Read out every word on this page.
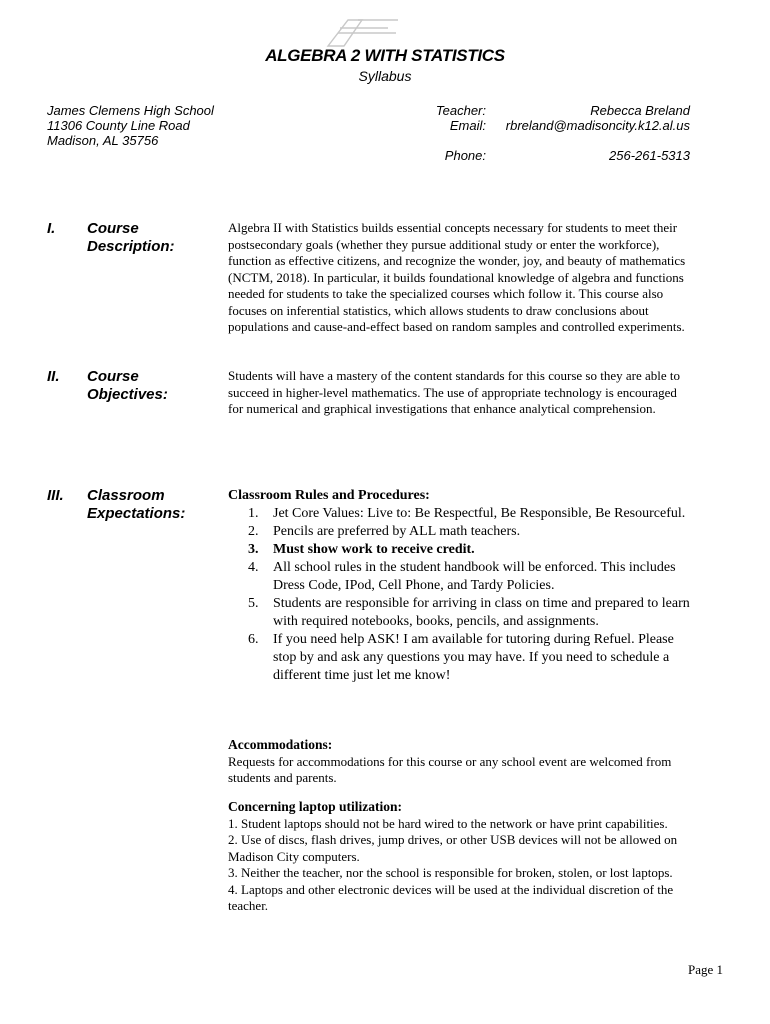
ALGEBRA 2 WITH STATISTICS
Syllabus
James Clemens High School
11306 County Line Road
Madison, AL 35756
Teacher:	Rebecca Breland
Email: rbreland@madisoncity.k12.al.us
Phone:	256-261-5313
I. Course
Description:
Algebra II with Statistics builds essential concepts necessary for students to meet their postsecondary goals (whether they pursue additional study or enter the workforce), function as effective citizens, and recognize the wonder, joy, and beauty of mathematics (NCTM, 2018). In particular, it builds foundational knowledge of algebra and functions needed for students to take the specialized courses which follow it. This course also focuses on inferential statistics, which allows students to draw conclusions about populations and cause-and-effect based on random samples and controlled experiments.
II. Course
Objectives:
Students will have a mastery of the content standards for this course so they are able to succeed in higher-level mathematics. The use of appropriate technology is encouraged for numerical and graphical investigations that enhance analytical comprehension.
III. Classroom
Expectations:
Classroom Rules and Procedures:
1. Jet Core Values: Live to: Be Respectful, Be Responsible, Be Resourceful.
2. Pencils are preferred by ALL math teachers.
3. Must show work to receive credit.
4. All school rules in the student handbook will be enforced. This includes Dress Code, IPod, Cell Phone, and Tardy Policies.
5. Students are responsible for arriving in class on time and prepared to learn with required notebooks, books, pencils, and assignments.
6. If you need help ASK! I am available for tutoring during Refuel. Please stop by and ask any questions you may have. If you need to schedule a different time just let me know!
Accommodations:
Requests for accommodations for this course or any school event are welcomed from students and parents.
Concerning laptop utilization:
1. Student laptops should not be hard wired to the network or have print capabilities.
2. Use of discs, flash drives, jump drives, or other USB devices will not be allowed on Madison City computers.
3. Neither the teacher, nor the school is responsible for broken, stolen, or lost laptops.
4. Laptops and other electronic devices will be used at the individual discretion of the teacher.
Page 1
